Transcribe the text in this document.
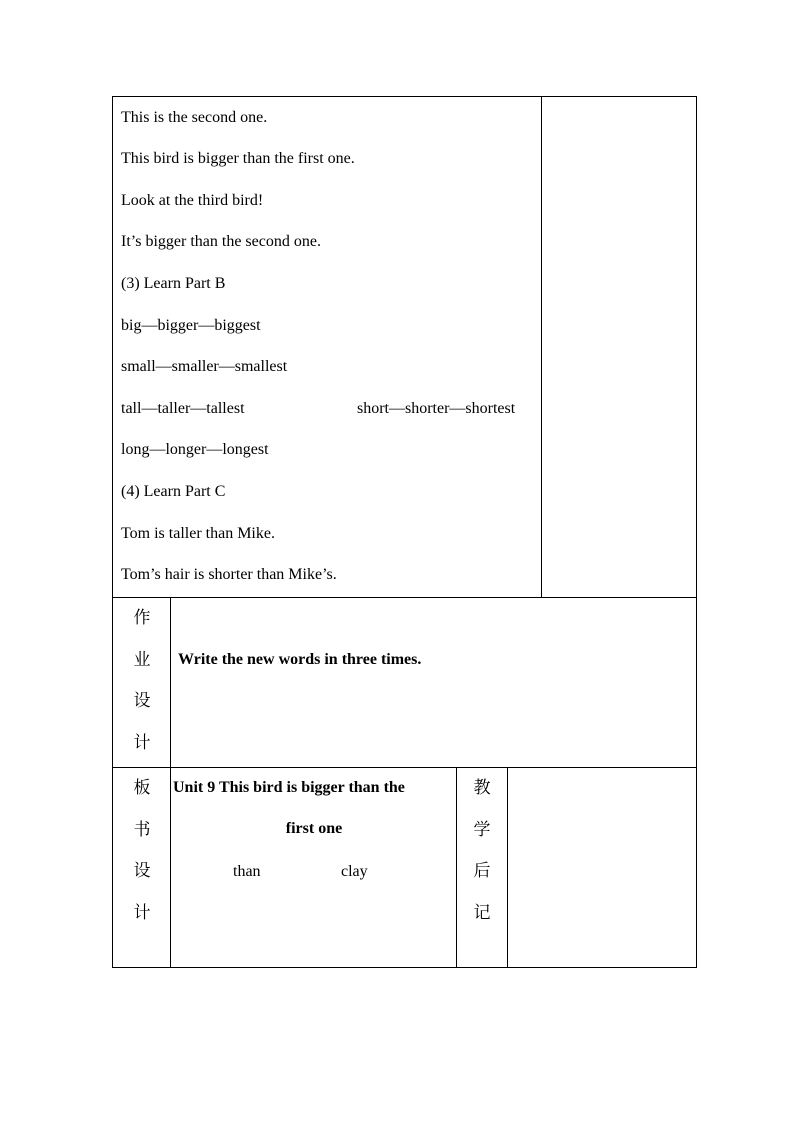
This is the second one.
This bird is bigger than the first one.
Look at the third bird!
It’s bigger than the second one.
(3) Learn Part B
big—bigger—biggest
small—smaller—smallest
tall—taller—tallest	short—shorter—shortest
long—longer—longest
(4) Learn Part C
Tom is taller than Mike.
Tom’s hair is shorter than Mike’s.
作
业
设
计
Write the new words in three times.
板
书
设
计
Unit 9 This bird is bigger than the
first one
than	clay
教
学
后
记
